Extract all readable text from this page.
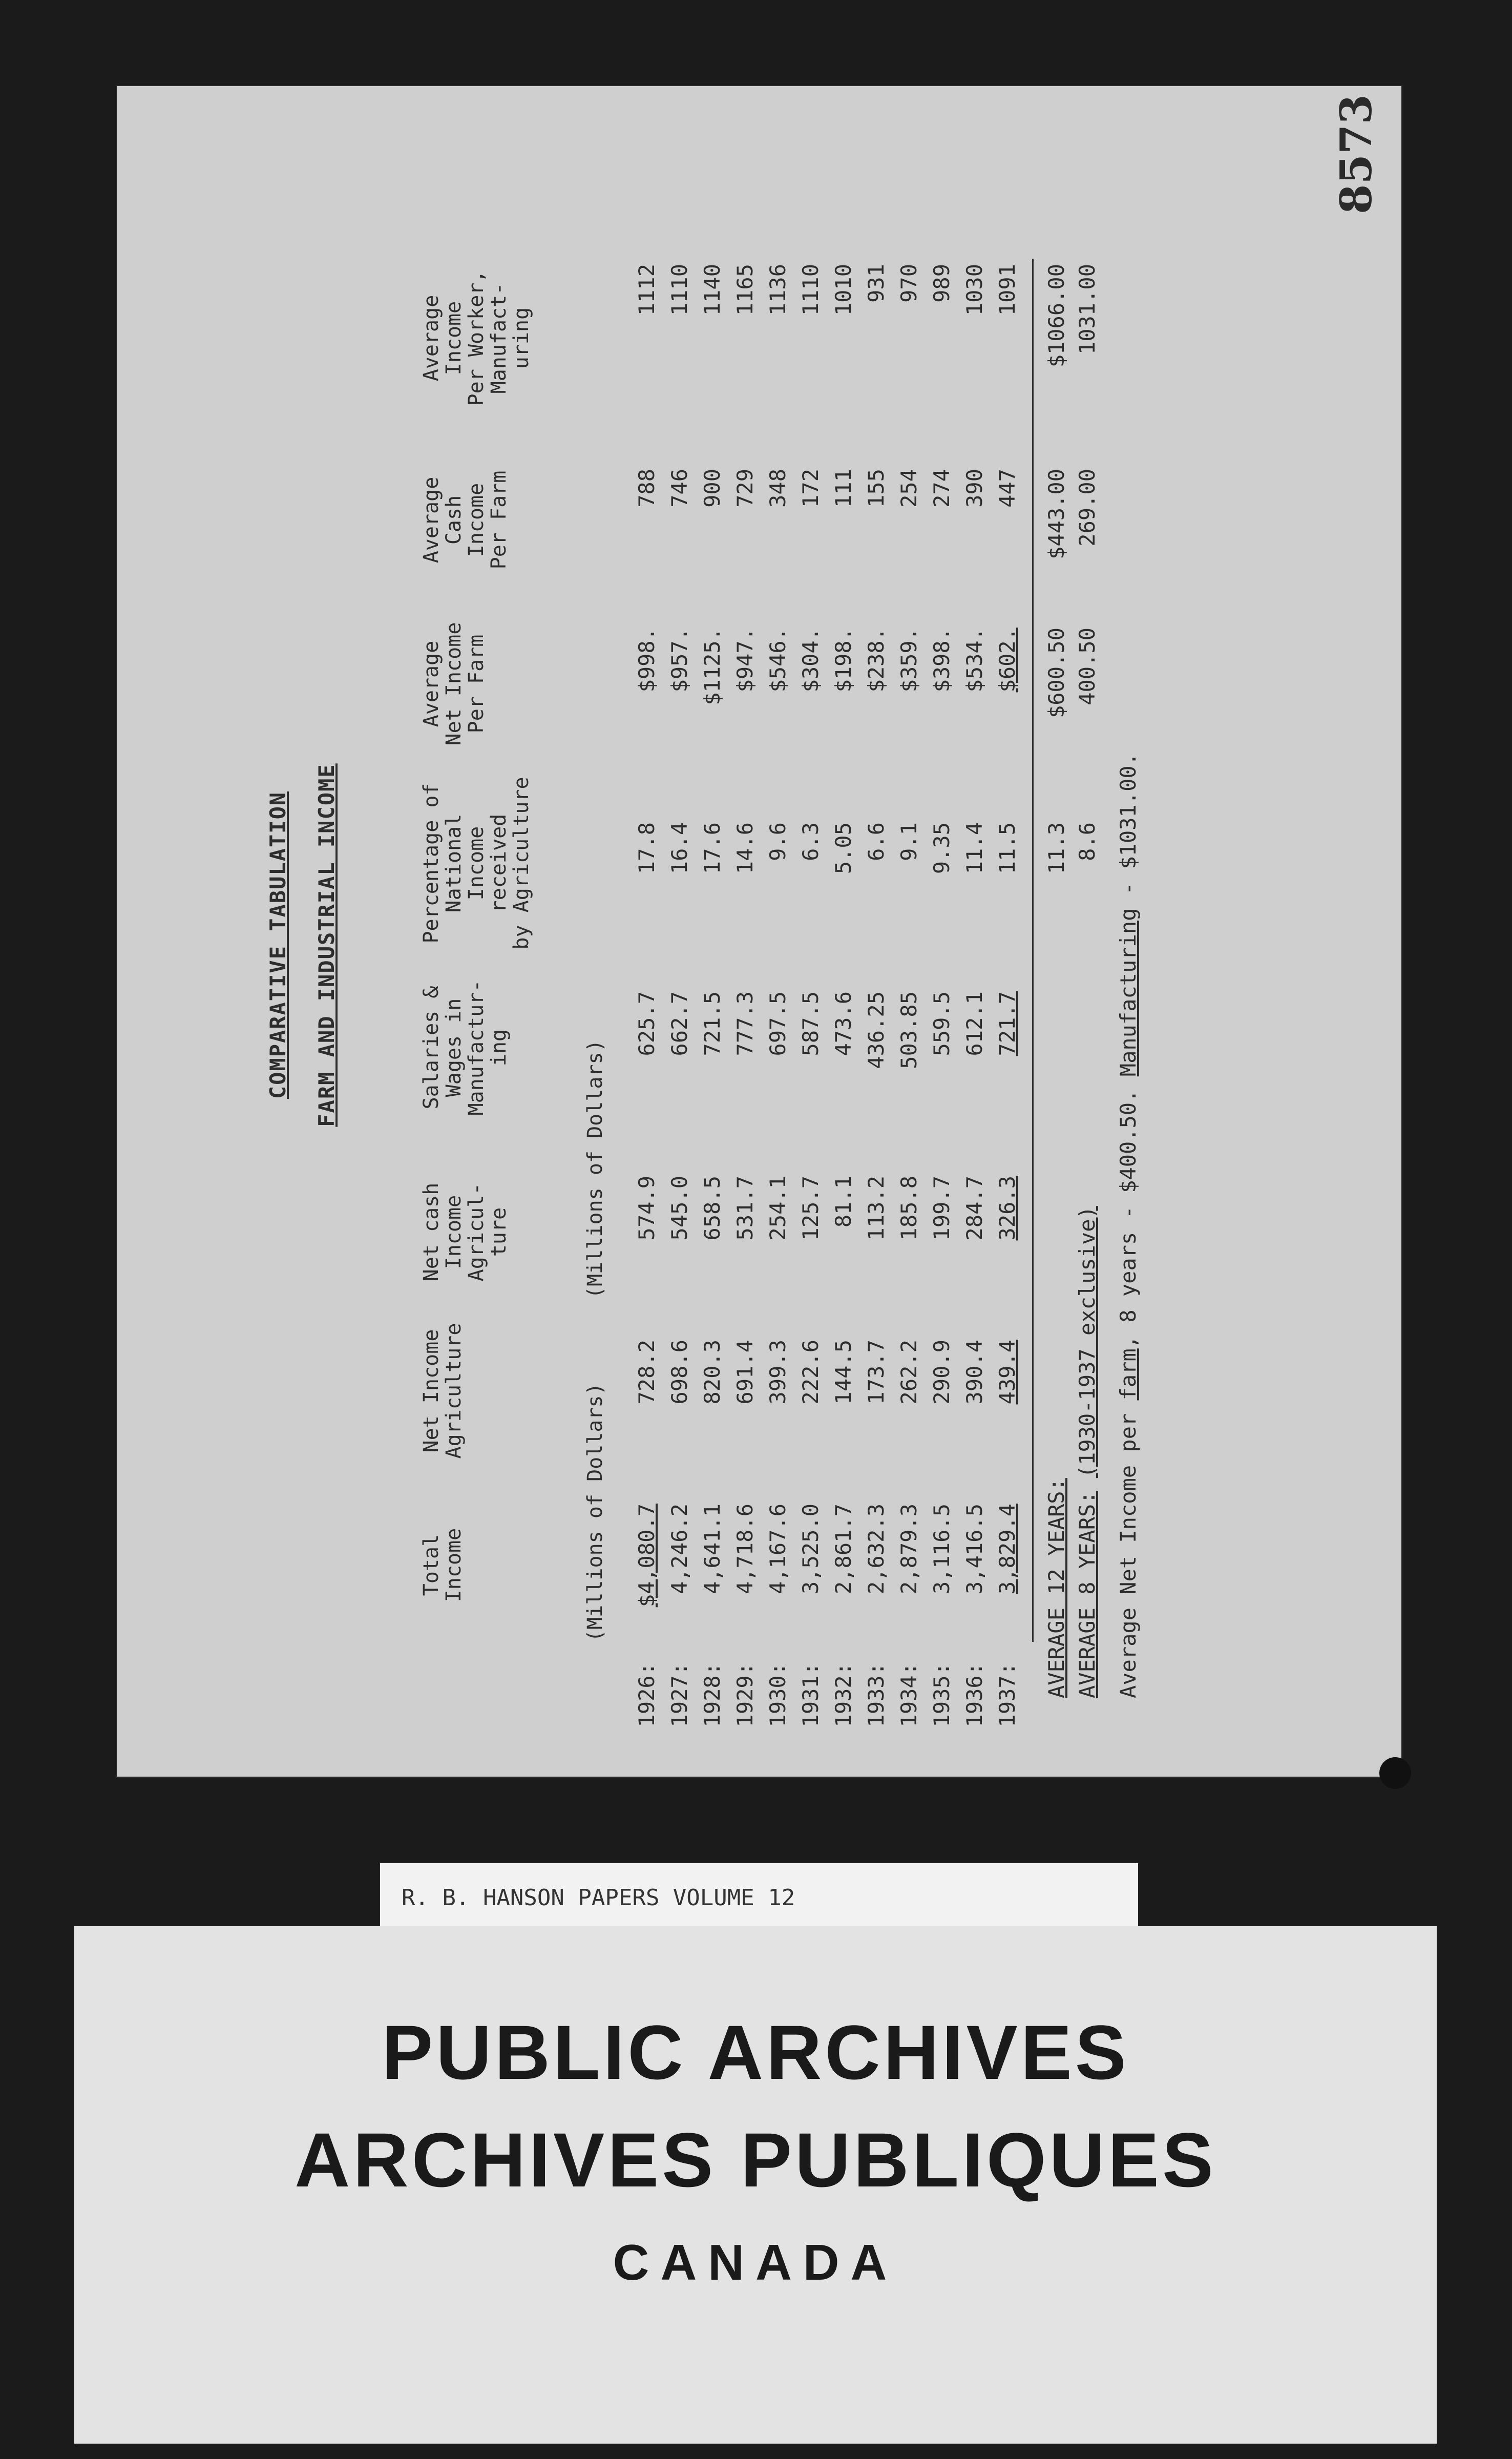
8573
COMPARATIVE TABULATION FARM AND INDUSTRIAL INCOME
Total
Income
Net Income
Agriculture
Net cash
Income
Agricul-
ture
Salaries &
Wages in
Manufactur-
ing
Percentage of
National
Income received
by Agriculture
Average
Net Income
Per Farm
Average
Cash
Income
Per Farm
Average
Income
Per Worker,
Manufact-
uring
(Millions of Dollars)
(Millions of Dollars)
1926:
$4,080.7
728.2
574.9
625.7
17.8
$998.
788
1112
1927:
4,246.2
698.6
545.0
662.7
16.4
$957.
746
1110
1928:
4,641.1
820.3
658.5
721.5
17.6
$1125.
900
1140
1929:
4,718.6
691.4
531.7
777.3
14.6
$947.
729
1165
1930:
4,167.6
399.3
254.1
697.5
9.6
$546.
348
1136
1931:
3,525.0
222.6
125.7
587.5
6.3
$304.
172
1110
1932:
2,861.7
144.5
81.1
473.6
5.05
$198.
111
1010
1933:
2,632.3
173.7
113.2
436.25
6.6
$238.
155
931
1934:
2,879.3
262.2
185.8
503.85
9.1
$359.
254
970
1935:
3,116.5
290.9
199.7
559.5
9.35
$398.
274
989
1936:
3,416.5
390.4
284.7
612.1
11.4
$534.
390
1030
1937:
3,829.4
439.4
326.3
721.7
11.5
$602.
447
1091
AVERAGE 12 YEARS: AVERAGE 8 YEARS: (1930-1937 exclusive)
11.3 8.6
$600.50 400.50
$443.00 269.00
$1066.00 1031.00
Average Net Income per farm, 8 years - $400.50. Manufacturing - $1031.00.
R. B. HANSON PAPERS VOLUME 12
PUBLIC ARCHIVES
ARCHIVES PUBLIQUES
CANADA
